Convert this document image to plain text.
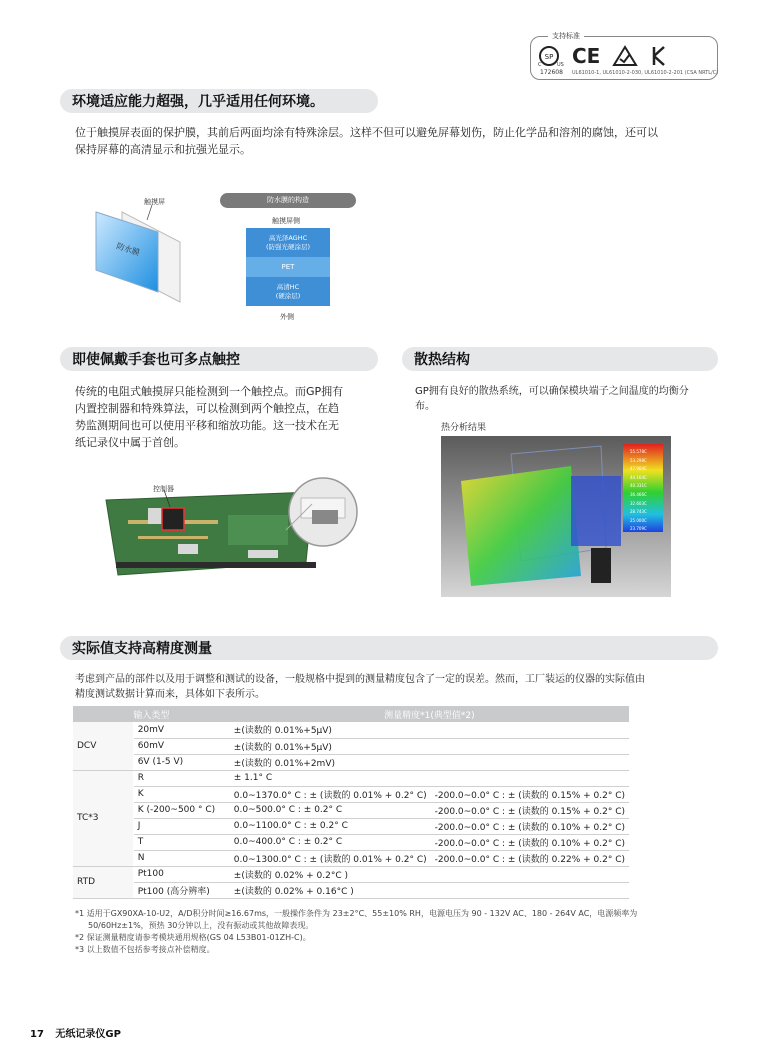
支持标准
SP CE
C	US
172608 UL61010-1, UL61010-2-030, UL61010-2-201 (CSA NRTL/C)
环境适应能力超强，几乎适用任何环境。
位于触摸屏表面的保护膜，其前后两面均涂有特殊涂层。这样不但可以避免屏幕划伤，防止化学品和溶剂的腐蚀，还可以
保持屏幕的高清显示和抗强光显示。
触摸屏
防水膜
防水膜的构造
触摸屏侧
高光泽AGHC
(防强光硬涂层)
PET
高清HC
(硬涂层)
外侧
即使佩戴手套也可多点触控
传统的电阻式触摸屏只能检测到一个触控点。而GP拥有
内置控制器和特殊算法，可以检测到两个触控点，在趋
势监测期间也可以使用平移和缩放功能。这一技术在无
纸记录仪中属于首创。
控制器
散热结构
GP拥有良好的散热系统，可以确保模块端子之间温度的均衡分
布。
热分析结果
55.578C
53.298C
47.904C
44.164C
40.331C
36.466C
32.603C
28.743C
25.000C
23.709C
实际值支持高精度测量
考虑到产品的部件以及用于调整和测试的设备，一般规格中提到的测量精度包含了一定的误差。然而，工厂装运的仪器的实际值由
精度测试数据计算而来，具体如下表所示。
输入类型		测量精度*1(典型值*2)	
DCV	20mV	±(读数的 0.01%+5μV)	
	60mV	±(读数的 0.01%+5μV)	
	6V (1-5 V)	±(读数的 0.01%+2mV)	
TC*3	R	± 1.1° C	
	K	0.0~1370.0° C : ± (读数的 0.01% + 0.2° C)	-200.0~0.0° C : ± (读数的 0.15% + 0.2° C)
	K (-200~500 ° C)	0.0~500.0° C : ± 0.2° C	-200.0~0.0° C : ± (读数的 0.15% + 0.2° C)
	J	0.0~1100.0° C : ± 0.2° C	-200.0~0.0° C : ± (读数的 0.10% + 0.2° C)
	T	0.0~400.0° C : ± 0.2° C	-200.0~0.0° C : ± (读数的 0.10% + 0.2° C)
	N	0.0~1300.0° C : ± (读数的 0.01% + 0.2° C)	-200.0~0.0° C : ± (读数的 0.22% + 0.2° C)
RTD	Pt100	±(读数的 0.02% + 0.2°C )	
	Pt100 (高分辨率)	±(读数的 0.02% + 0.16°C )	
*1 适用于GX90XA-10-U2，A/D积分时间≥16.67ms，一般操作条件为 23±2°C、55±10% RH，电源电压为 90 - 132V AC、180 - 264V AC，电源频率为
50/60Hz±1%，预热 30分钟以上，没有振动或其他故障表现。
*2 保证测量精度请参考模块通用规格(GS 04 L53B01-01ZH-C)。
*3 以上数值不包括参考接点补偿精度。
17 无纸记录仪GP
